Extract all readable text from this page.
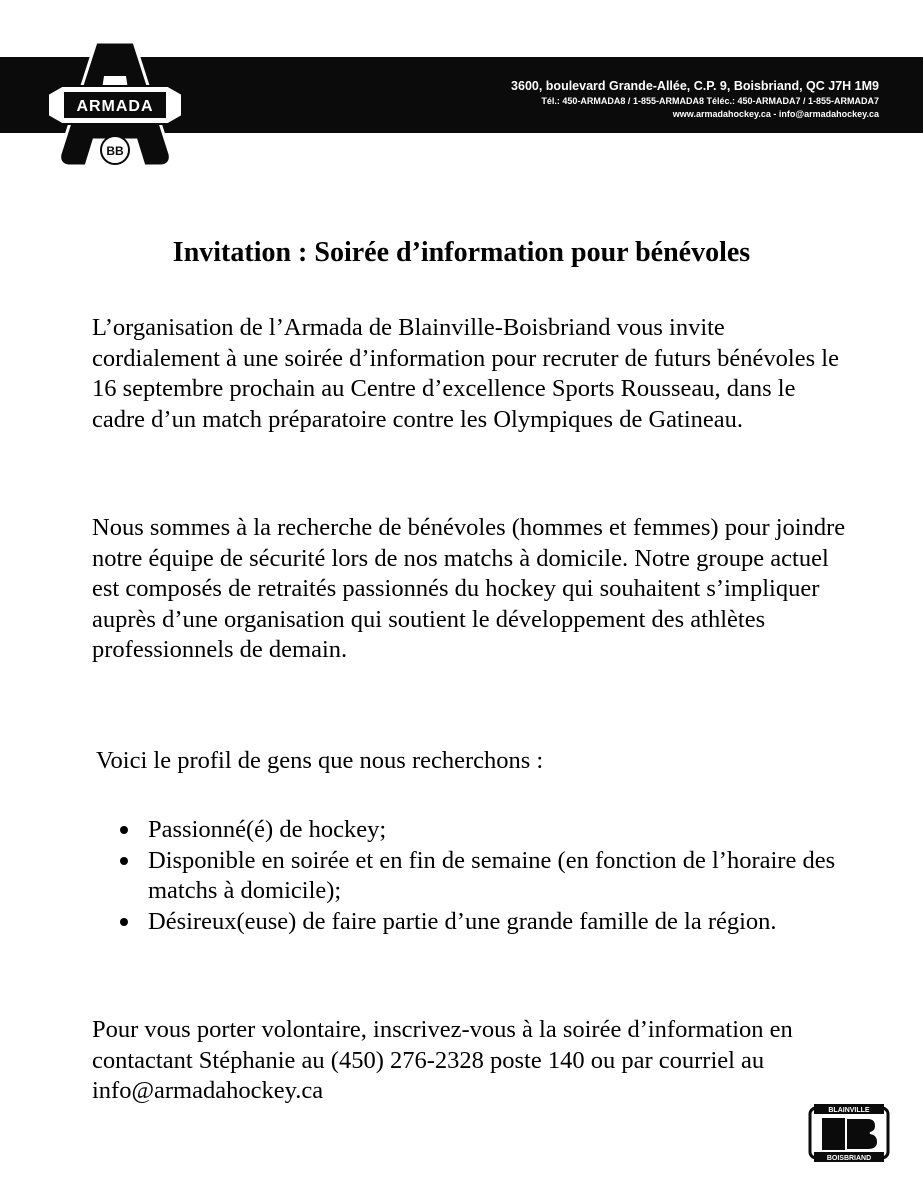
ARMADA
BB
3600, boulevard Grande-Allée, C.P. 9, Boisbriand, QC J7H 1M9
Tél.: 450-ARMADA8 / 1-855-ARMADA8 Téléc.: 450-ARMADA7 / 1-855-ARMADA7
www.armadahockey.ca - info@armadahockey.ca
Invitation : Soirée d’information pour bénévoles

L’organisation de l’Armada de Blainville-Boisbriand vous invite cordialement à une soirée d’information pour recruter de futurs bénévoles le 16 septembre prochain au Centre d’excellence Sports Rousseau, dans le cadre d’un match préparatoire contre les Olympiques de Gatineau.

Nous sommes à la recherche de bénévoles (hommes et femmes) pour joindre notre équipe de sécurité lors de nos matchs à domicile. Notre groupe actuel est composés de retraités passionnés du hockey qui souhaitent s’impliquer auprès d’une organisation qui soutient le développement des athlètes professionnels de demain.

Voici le profil de gens que nous recherchons :

Passionné(é) de hockey;
Disponible en soirée et en fin de semaine (en fonction de l’horaire des matchs à domicile);
Désireux(euse) de faire partie d’une grande famille de la région.

Pour vous porter volontaire, inscrivez-vous à la soirée d’information en contactant Stéphanie au (450) 276-2328 poste 140 ou par courriel au info@armadahockey.ca

BLAINVILLE
BOISBRIAND
